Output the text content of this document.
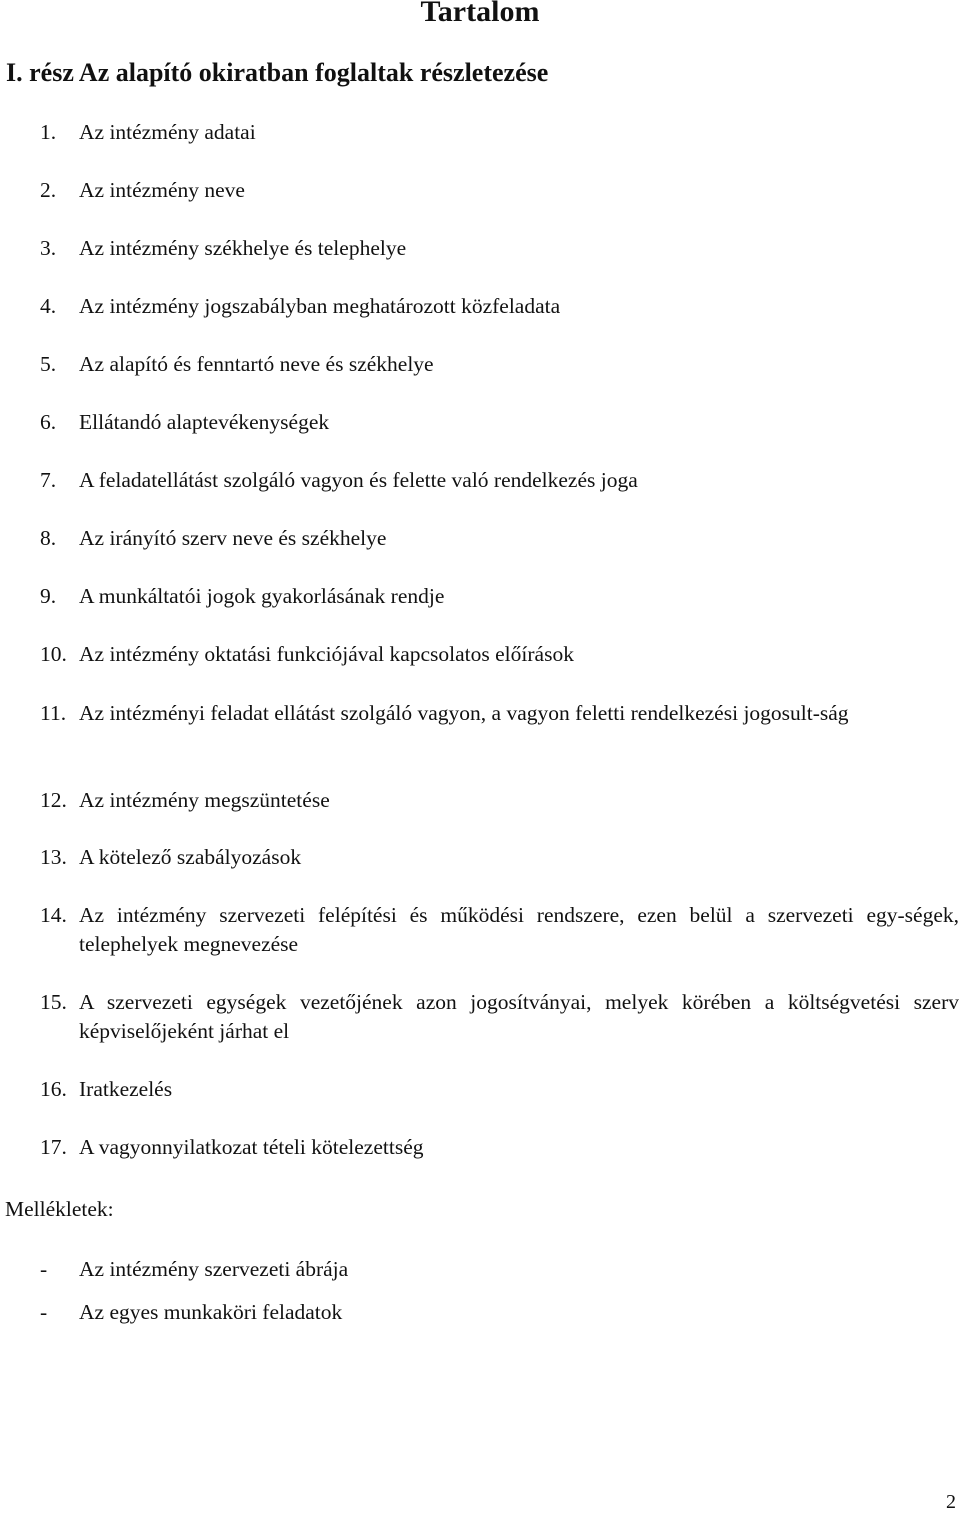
Tartalom
I. rész Az alapító okiratban foglaltak részletezése
1.	Az intézmény adatai
2.	Az intézmény neve
3.	Az intézmény székhelye és telephelye
4.	Az intézmény jogszabályban meghatározott közfeladata
5.	Az alapító és fenntartó neve és székhelye
6.	Ellátandó alaptevékenységek
7.	A feladatellátást szolgáló vagyon és felette való rendelkezés joga
8.	Az irányító szerv neve és székhelye
9.	A munkáltatói jogok gyakorlásának rendje
10. Az intézmény oktatási funkciójával kapcsolatos előírások
11. Az intézményi feladat ellátást szolgáló vagyon, a vagyon feletti rendelkezési jogosult-ság
12. Az intézmény megszüntetése
13. A kötelező szabályozások
14. Az intézmény szervezeti felépítési és működési rendszere, ezen belül a szervezeti egy-ségek, telephelyek megnevezése
15. A szervezeti egységek vezetőjének azon jogosítványai, melyek körében a költségvetési szerv képviselőjeként járhat el
16. Iratkezelés
17. A vagyonnyilatkozat tételi kötelezettség
Mellékletek:
-	Az intézmény szervezeti ábrája
-	Az egyes munkaköri feladatok
2
